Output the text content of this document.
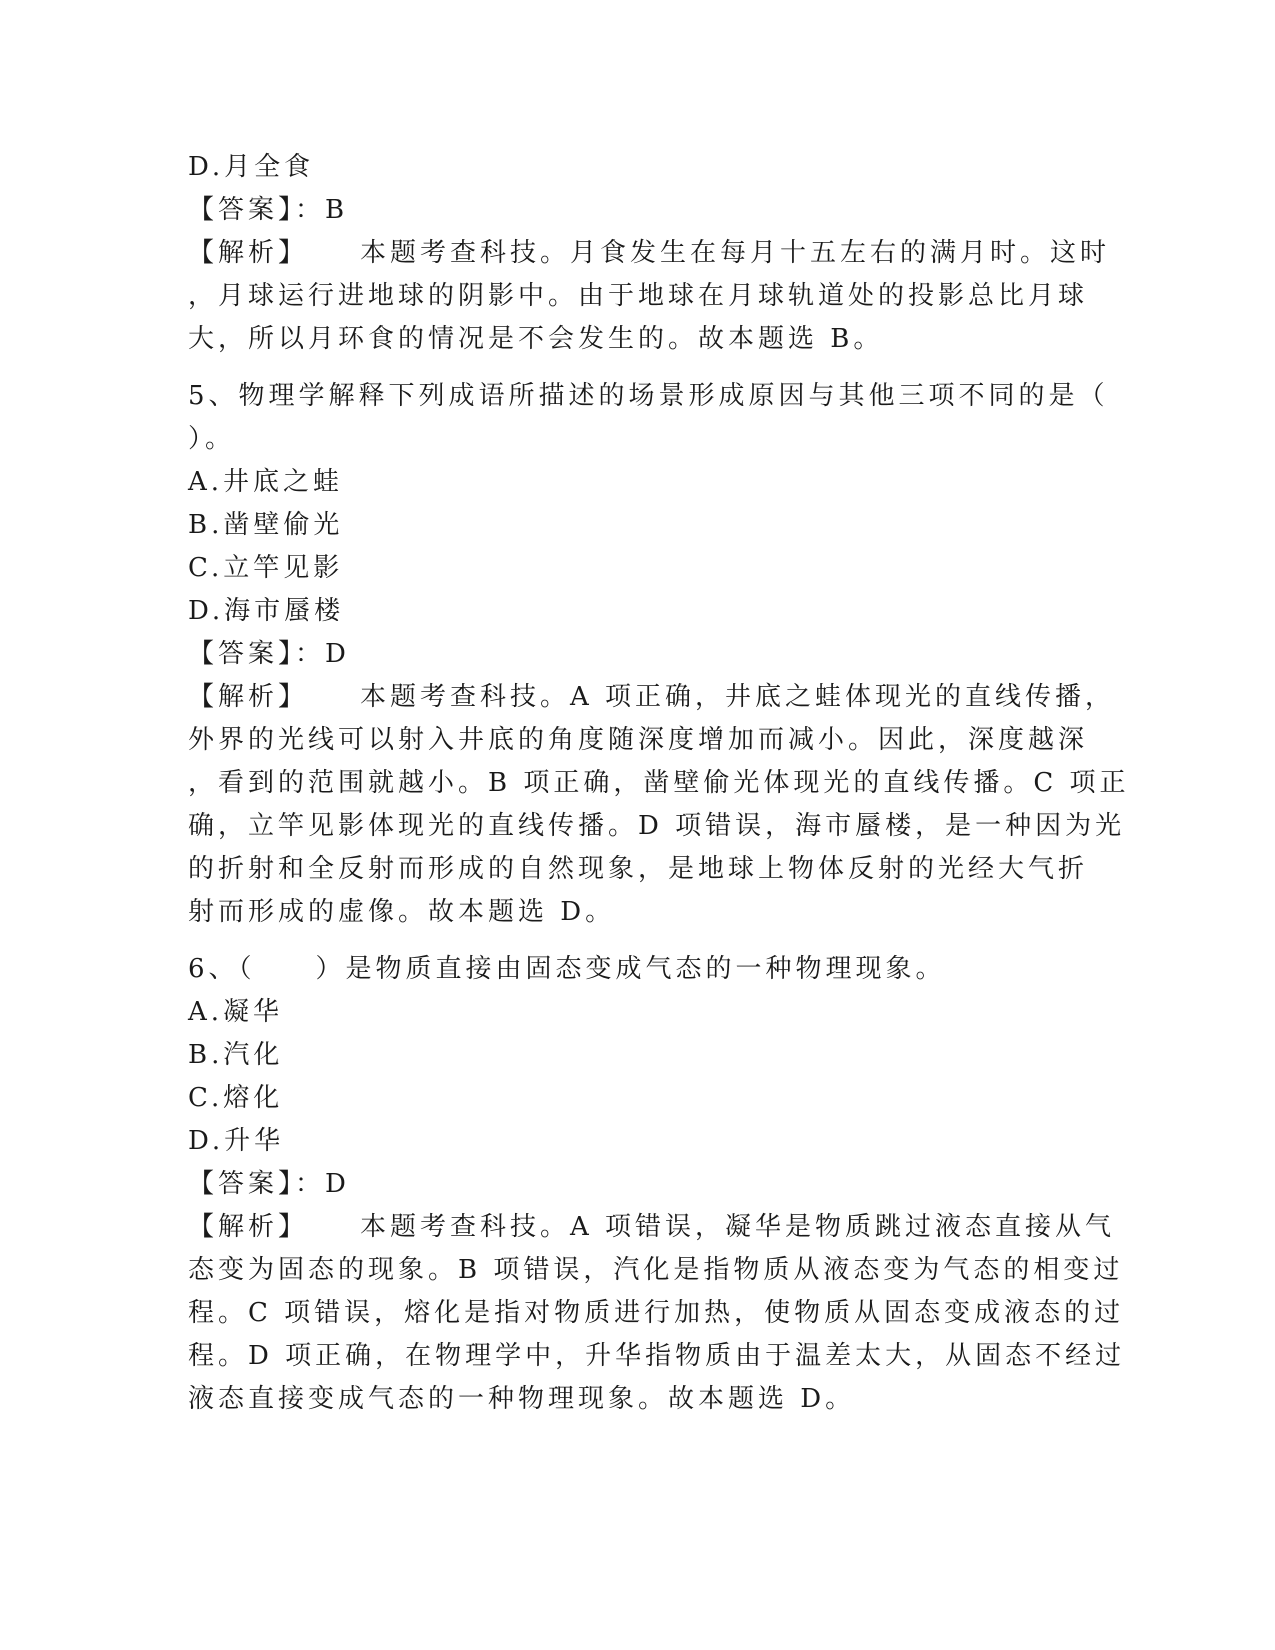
D.月全食
【答案】：B
【解析】 本题考查科技。月食发生在每月十五左右的满月时。这时
，月球运行进地球的阴影中。由于地球在月球轨道处的投影总比月球
大，所以月环食的情况是不会发生的。故本题选 B。
5、物理学解释下列成语所描述的场景形成原因与其他三项不同的是（
）。
A.井底之蛙
B.凿壁偷光
C.立竿见影
D.海市蜃楼
【答案】：D
【解析】 本题考查科技。A 项正确，井底之蛙体现光的直线传播，
外界的光线可以射入井底的角度随深度增加而减小。因此，深度越深
，看到的范围就越小。B 项正确，凿壁偷光体现光的直线传播。C 项正
确，立竿见影体现光的直线传播。D 项错误，海市蜃楼，是一种因为光
的折射和全反射而形成的自然现象，是地球上物体反射的光经大气折
射而形成的虚像。故本题选 D。
6、（　　）是物质直接由固态变成气态的一种物理现象。
A.凝华
B.汽化
C.熔化
D.升华
【答案】：D
【解析】 本题考查科技。A 项错误，凝华是物质跳过液态直接从气
态变为固态的现象。B 项错误，汽化是指物质从液态变为气态的相变过
程。C 项错误，熔化是指对物质进行加热，使物质从固态变成液态的过
程。D 项正确，在物理学中，升华指物质由于温差太大，从固态不经过
液态直接变成气态的一种物理现象。故本题选 D。
